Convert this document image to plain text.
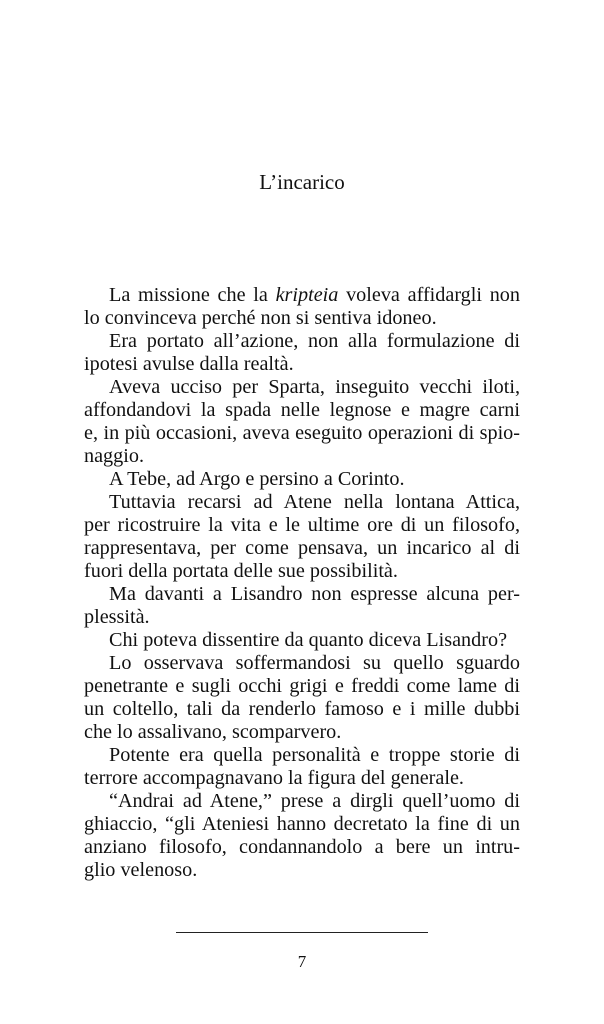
L’incarico
La missione che la kripteia voleva affidargli non
lo convinceva perché non si sentiva idoneo.
Era portato all’azione, non alla formulazione di
ipotesi avulse dalla realtà.
Aveva ucciso per Sparta, inseguito vecchi iloti,
affondandovi la spada nelle legnose e magre carni
e, in più occasioni, aveva eseguito operazioni di spio-
naggio.
A Tebe, ad Argo e persino a Corinto.
Tuttavia recarsi ad Atene nella lontana Attica,
per ricostruire la vita e le ultime ore di un filosofo,
rappresentava, per come pensava, un incarico al di
fuori della portata delle sue possibilità.
Ma davanti a Lisandro non espresse alcuna per-
plessità.
Chi poteva dissentire da quanto diceva Lisandro?
Lo osservava soffermandosi su quello sguardo
penetrante e sugli occhi grigi e freddi come lame di
un coltello, tali da renderlo famoso e i mille dubbi
che lo assalivano, scomparvero.
Potente era quella personalità e troppe storie di
terrore accompagnavano la figura del generale.
“Andrai ad Atene,” prese a dirgli quell’uomo di
ghiaccio, “gli Ateniesi hanno decretato la fine di un
anziano filosofo, condannandolo a bere un intru-
glio velenoso.
7
